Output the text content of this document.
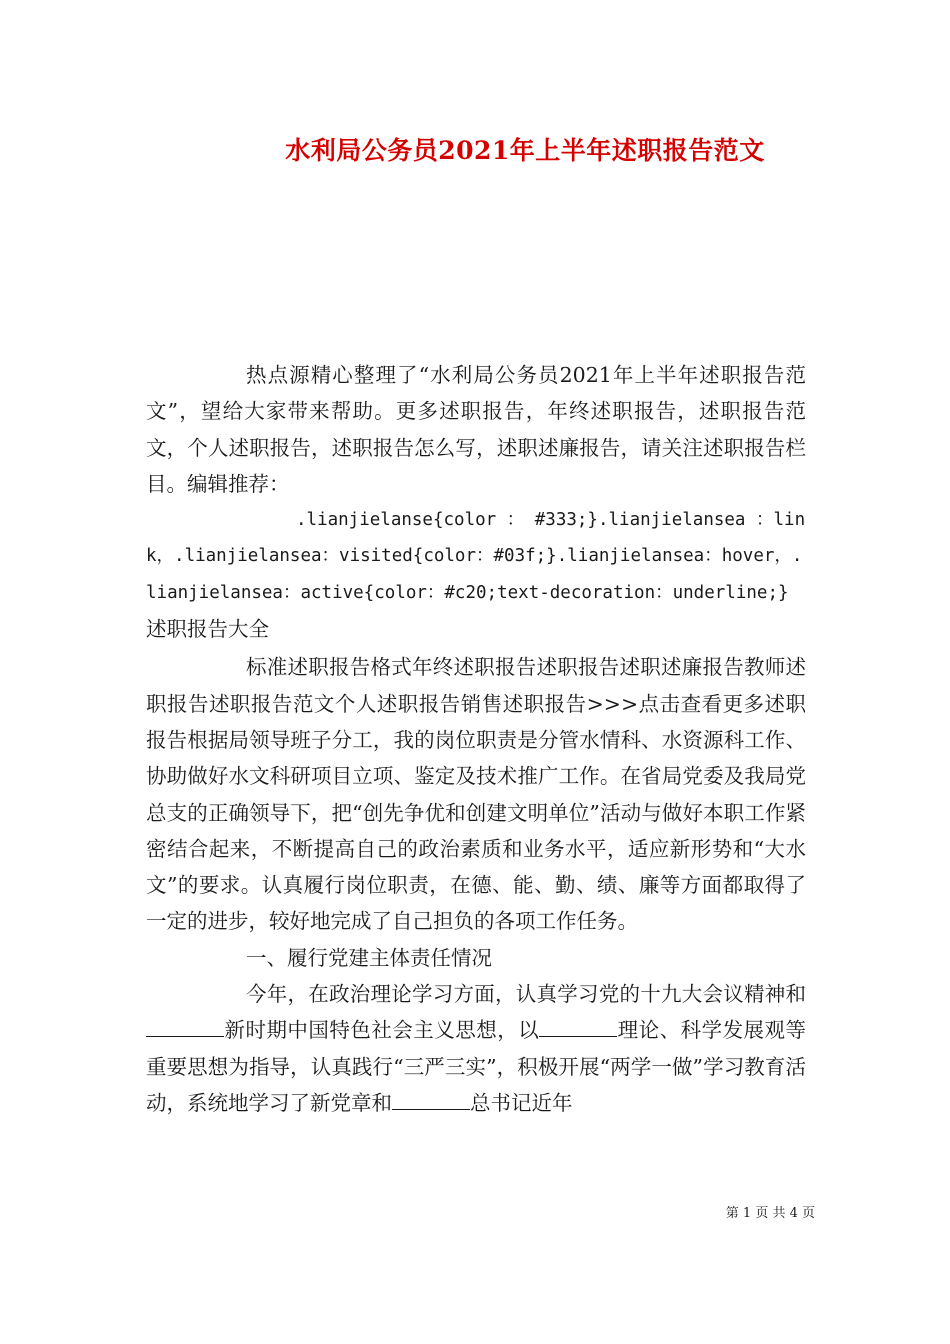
水利局公务员2021年上半年述职报告范文

热点源精心整理了“水利局公务员2021年上半年述职报告范文”，望给大家带来帮助。更多述职报告，年终述职报告，述职报告范文，个人述职报告，述职报告怎么写，述职述廉报告，请关注述职报告栏目。编辑推荐：

.lianjielanse{color ： #333;}.lianjielansea ：link，.lianjielansea：visited{color：#03f;}.lianjielansea：hover，.lianjielansea：active{color：#c20;text-decoration：underline;}述职报告大全

标准述职报告格式年终述职报告述职报告述职述廉报告教师述职报告述职报告范文个人述职报告销售述职报告>>>点击查看更多述职报告根据局领导班子分工，我的岗位职责是分管水情科、水资源科工作、协助做好水文科研项目立项、鉴定及技术推广工作。在省局党委及我局党总支的正确领导下，把“创先争优和创建文明单位”活动与做好本职工作紧密结合起来，不断提高自己的政治素质和业务水平，适应新形势和“大水文”的要求。认真履行岗位职责，在德、能、勤、绩、廉等方面都取得了一定的进步，较好地完成了自己担负的各项工作任务。

一、履行党建主体责任情况

今年，在政治理论学习方面，认真学习党的十九大会议精神和新时期中国特色社会主义思想，以	理论、科学发展观等重要思想为指导，认真践行“三严三实”，积极开展“两学一做”学习教育活动，系统地学习了新党章和	总书记近年

第 1 页 共 4 页
